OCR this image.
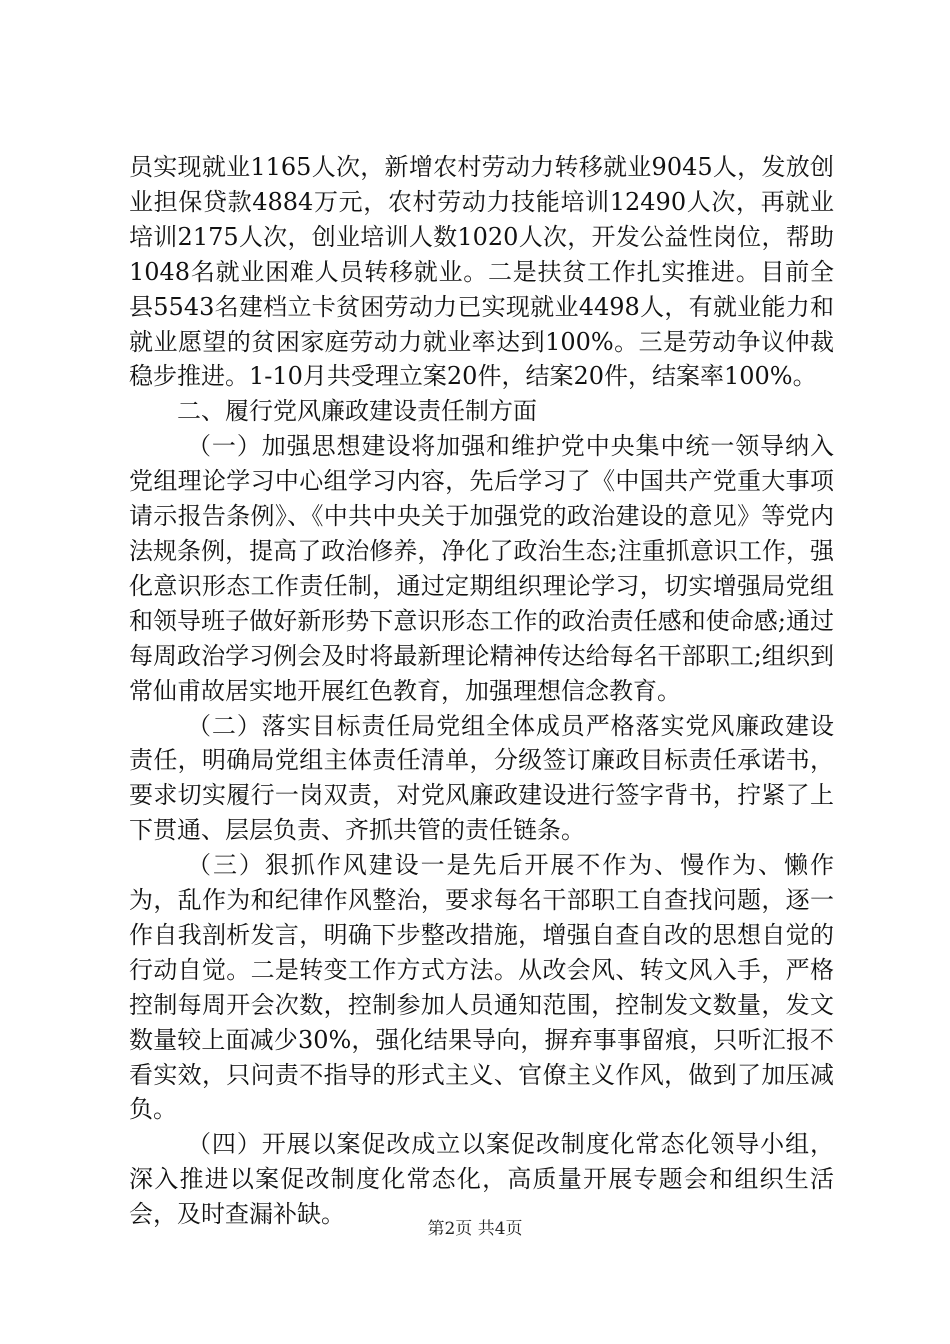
员实现就业1165人次，新增农村劳动力转移就业9045人，发放创业担保贷款4884万元，农村劳动力技能培训12490人次，再就业培训2175人次，创业培训人数1020人次，开发公益性岗位，帮助1048名就业困难人员转移就业。二是扶贫工作扎实推进。目前全县5543名建档立卡贫困劳动力已实现就业4498人，有就业能力和就业愿望的贫困家庭劳动力就业率达到100%。三是劳动争议仲裁稳步推进。1-10月共受理立案20件，结案20件，结案率100%。

二、履行党风廉政建设责任制方面

（一）加强思想建设将加强和维护党中央集中统一领导纳入党组理论学习中心组学习内容，先后学习了《中国共产党重大事项请示报告条例》、《中共中央关于加强党的政治建设的意见》等党内法规条例，提高了政治修养，净化了政治生态;注重抓意识工作，强化意识形态工作责任制，通过定期组织理论学习，切实增强局党组和领导班子做好新形势下意识形态工作的政治责任感和使命感;通过每周政治学习例会及时将最新理论精神传达给每名干部职工;组织到常仙甫故居实地开展红色教育，加强理想信念教育。

（二）落实目标责任局党组全体成员严格落实党风廉政建设责任，明确局党组主体责任清单，分级签订廉政目标责任承诺书，要求切实履行一岗双责，对党风廉政建设进行签字背书，拧紧了上下贯通、层层负责、齐抓共管的责任链条。

（三）狠抓作风建设一是先后开展不作为、慢作为、懒作为，乱作为和纪律作风整治，要求每名干部职工自查找问题，逐一作自我剖析发言，明确下步整改措施，增强自查自改的思想自觉的行动自觉。二是转变工作方式方法。从改会风、转文风入手，严格控制每周开会次数，控制参加人员通知范围，控制发文数量，发文数量较上面减少30%，强化结果导向，摒弃事事留痕，只听汇报不看实效，只问责不指导的形式主义、官僚主义作风，做到了加压减负。

（四）开展以案促改成立以案促改制度化常态化领导小组，深入推进以案促改制度化常态化，高质量开展专题会和组织生活会，及时查漏补缺。

第2页 共4页
